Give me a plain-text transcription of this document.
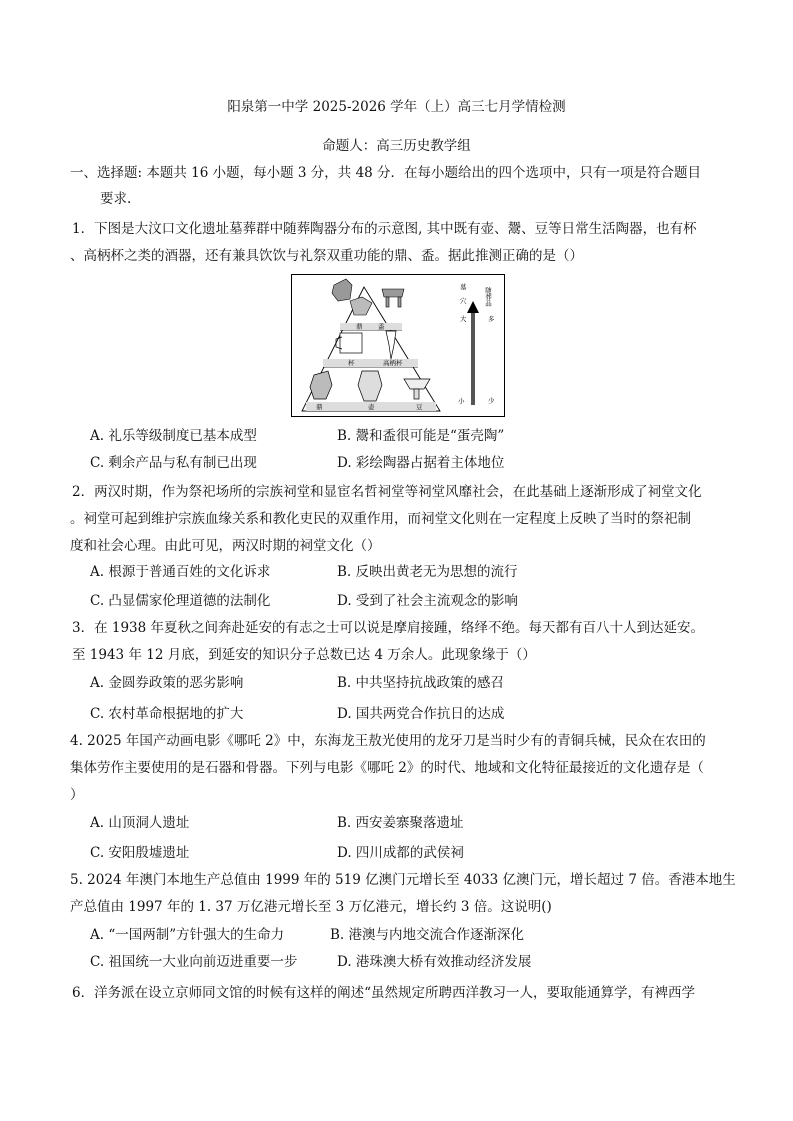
阳泉第一中学 2025-2026 学年（上）高三七月学情检测
命题人：高三历史教学组
一、选择题: 本题共 16 小题，每小题 3 分，共 48 分．在每小题给出的四个选项中，只有一项是符合题目
要求.
1．下图是大汶口文化遗址墓葬群中随葬陶器分布的示意图, 其中既有壶、鬶、豆等日常生活陶器，也有杯
、高柄杯之类的酒器，还有兼具饮饮与礼祭双重功能的鼎、盉。据此推测正确的是（）
鼎 盉
杯	高柄杯
鼎	壶	豆
墓
穴
大
小
随葬品
多
少
A. 礼乐等级制度已基本成型	B. 鬶和盉很可能是“蛋壳陶”
C. 剩余产品与私有制已出现	D. 彩绘陶器占据着主体地位
2．两汉时期，作为祭祀场所的宗族祠堂和显宦名哲祠堂等祠堂风靡社会，在此基础上逐渐形成了祠堂文化
。祠堂可起到维护宗族血缘关系和教化吏民的双重作用，而祠堂文化则在一定程度上反映了当时的祭祀制
度和社会心理。由此可见，两汉时期的祠堂文化（）
A. 根源于普通百姓的文化诉求	B. 反映出黄老无为思想的流行
C. 凸显儒家伦理道德的法制化	D. 受到了社会主流观念的影响
3．在 1938 年夏秋之间奔赴延安的有志之士可以说是摩肩接踵，络绎不绝。每天都有百八十人到达延安。
至 1943 年 12 月底，到延安的知识分子总数已达 4 万余人。此现象缘于（）
A. 金圆券政策的恶劣影响	B. 中共坚持抗战政策的感召
C. 农村革命根据地的扩大	D. 国共两党合作抗日的达成
4. 2025 年国产动画电影《哪吒 2》中，东海龙王敖光使用的龙牙刀是当时少有的青铜兵械，民众在农田的
集体劳作主要使用的是石器和骨器。下列与电影《哪吒 2》的时代、地域和文化特征最接近的文化遗存是（
）
A. 山顶洞人遗址	B. 西安姜寨聚落遗址
C. 安阳殷墟遗址	D. 四川成都的武侯祠
5. 2024 年澳门本地生产总值由 1999 年的 519 亿澳门元增长至 4033 亿澳门元，增长超过 7 倍。香港本地生
产总值由 1997 年的 1. 37 万亿港元增长至 3 万亿港元，增长约 3 倍。这说明()
A. “一国两制”方针强大的生命力	B. 港澳与内地交流合作逐渐深化
C. 祖国统一大业向前迈进重要一步	D. 港珠澳大桥有效推动经济发展
6．洋务派在设立京师同文馆的时候有这样的阐述“虽然规定所聘西洋教习一人，要取能通算学，有裨西学
